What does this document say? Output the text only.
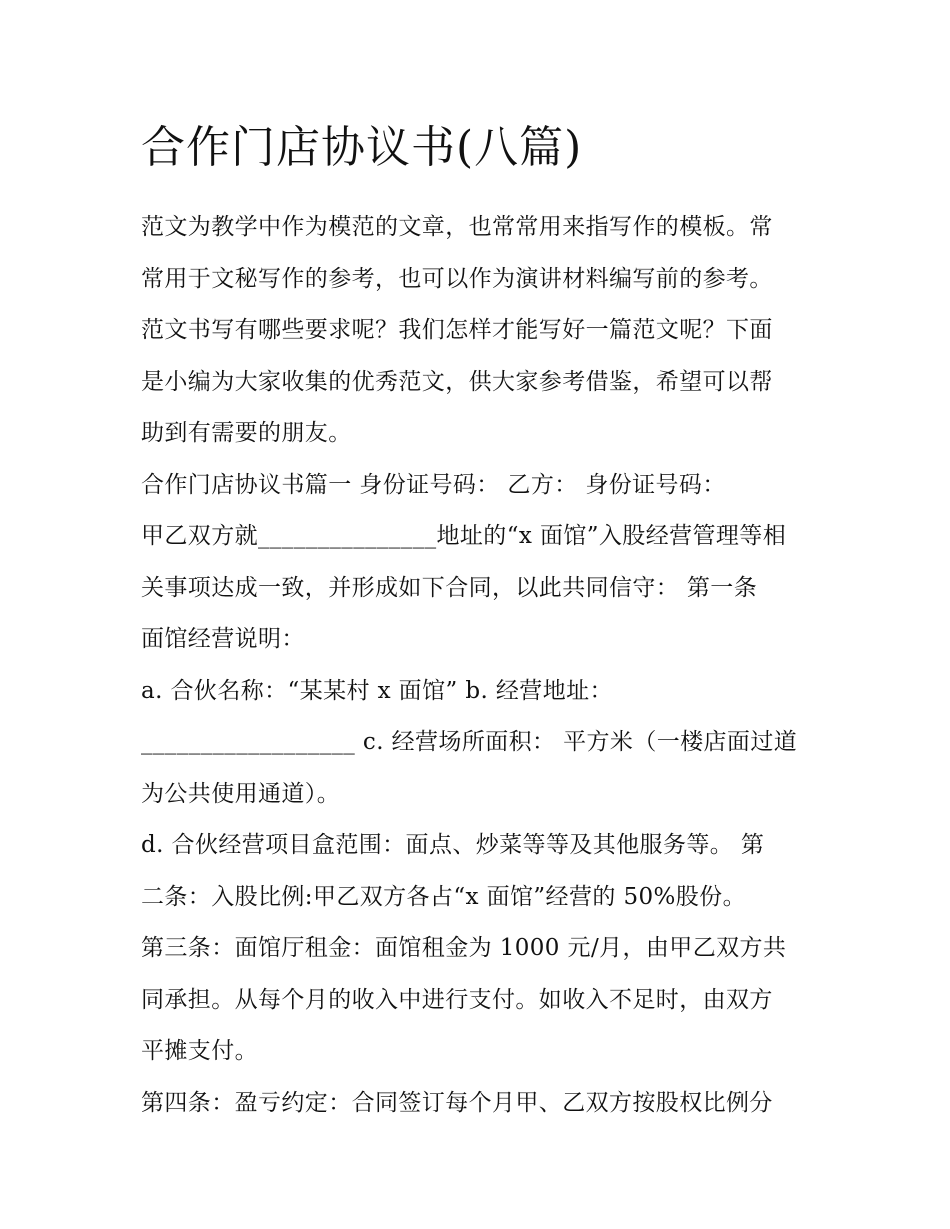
合作门店协议书(八篇)
范文为教学中作为模范的文章，也常常用来指写作的模板。常
常用于文秘写作的参考，也可以作为演讲材料编写前的参考。
范文书写有哪些要求呢？我们怎样才能写好一篇范文呢？下面
是小编为大家收集的优秀范文，供大家参考借鉴，希望可以帮
助到有需要的朋友。
合作门店协议书篇一 身份证号码： 乙方： 身份证号码：
甲乙双方就_______________地址的“x 面馆”入股经营管理等相
关事项达成一致，并形成如下合同，以此共同信守： 第一条
面馆经营说明：
a. 合伙名称：“某某村 x 面馆” b. 经营地址：
__________________ c. 经营场所面积： 平方米（一楼店面过道
为公共使用通道）。
d. 合伙经营项目盒范围：面点、炒菜等等及其他服务等。 第
二条：入股比例:甲乙双方各占“x 面馆”经营的 50%股份。
第三条：面馆厅租金：面馆租金为 1000 元/月，由甲乙双方共
同承担。从每个月的收入中进行支付。如收入不足时，由双方
平摊支付。
第四条：盈亏约定：合同签订每个月甲、乙双方按股权比例分
